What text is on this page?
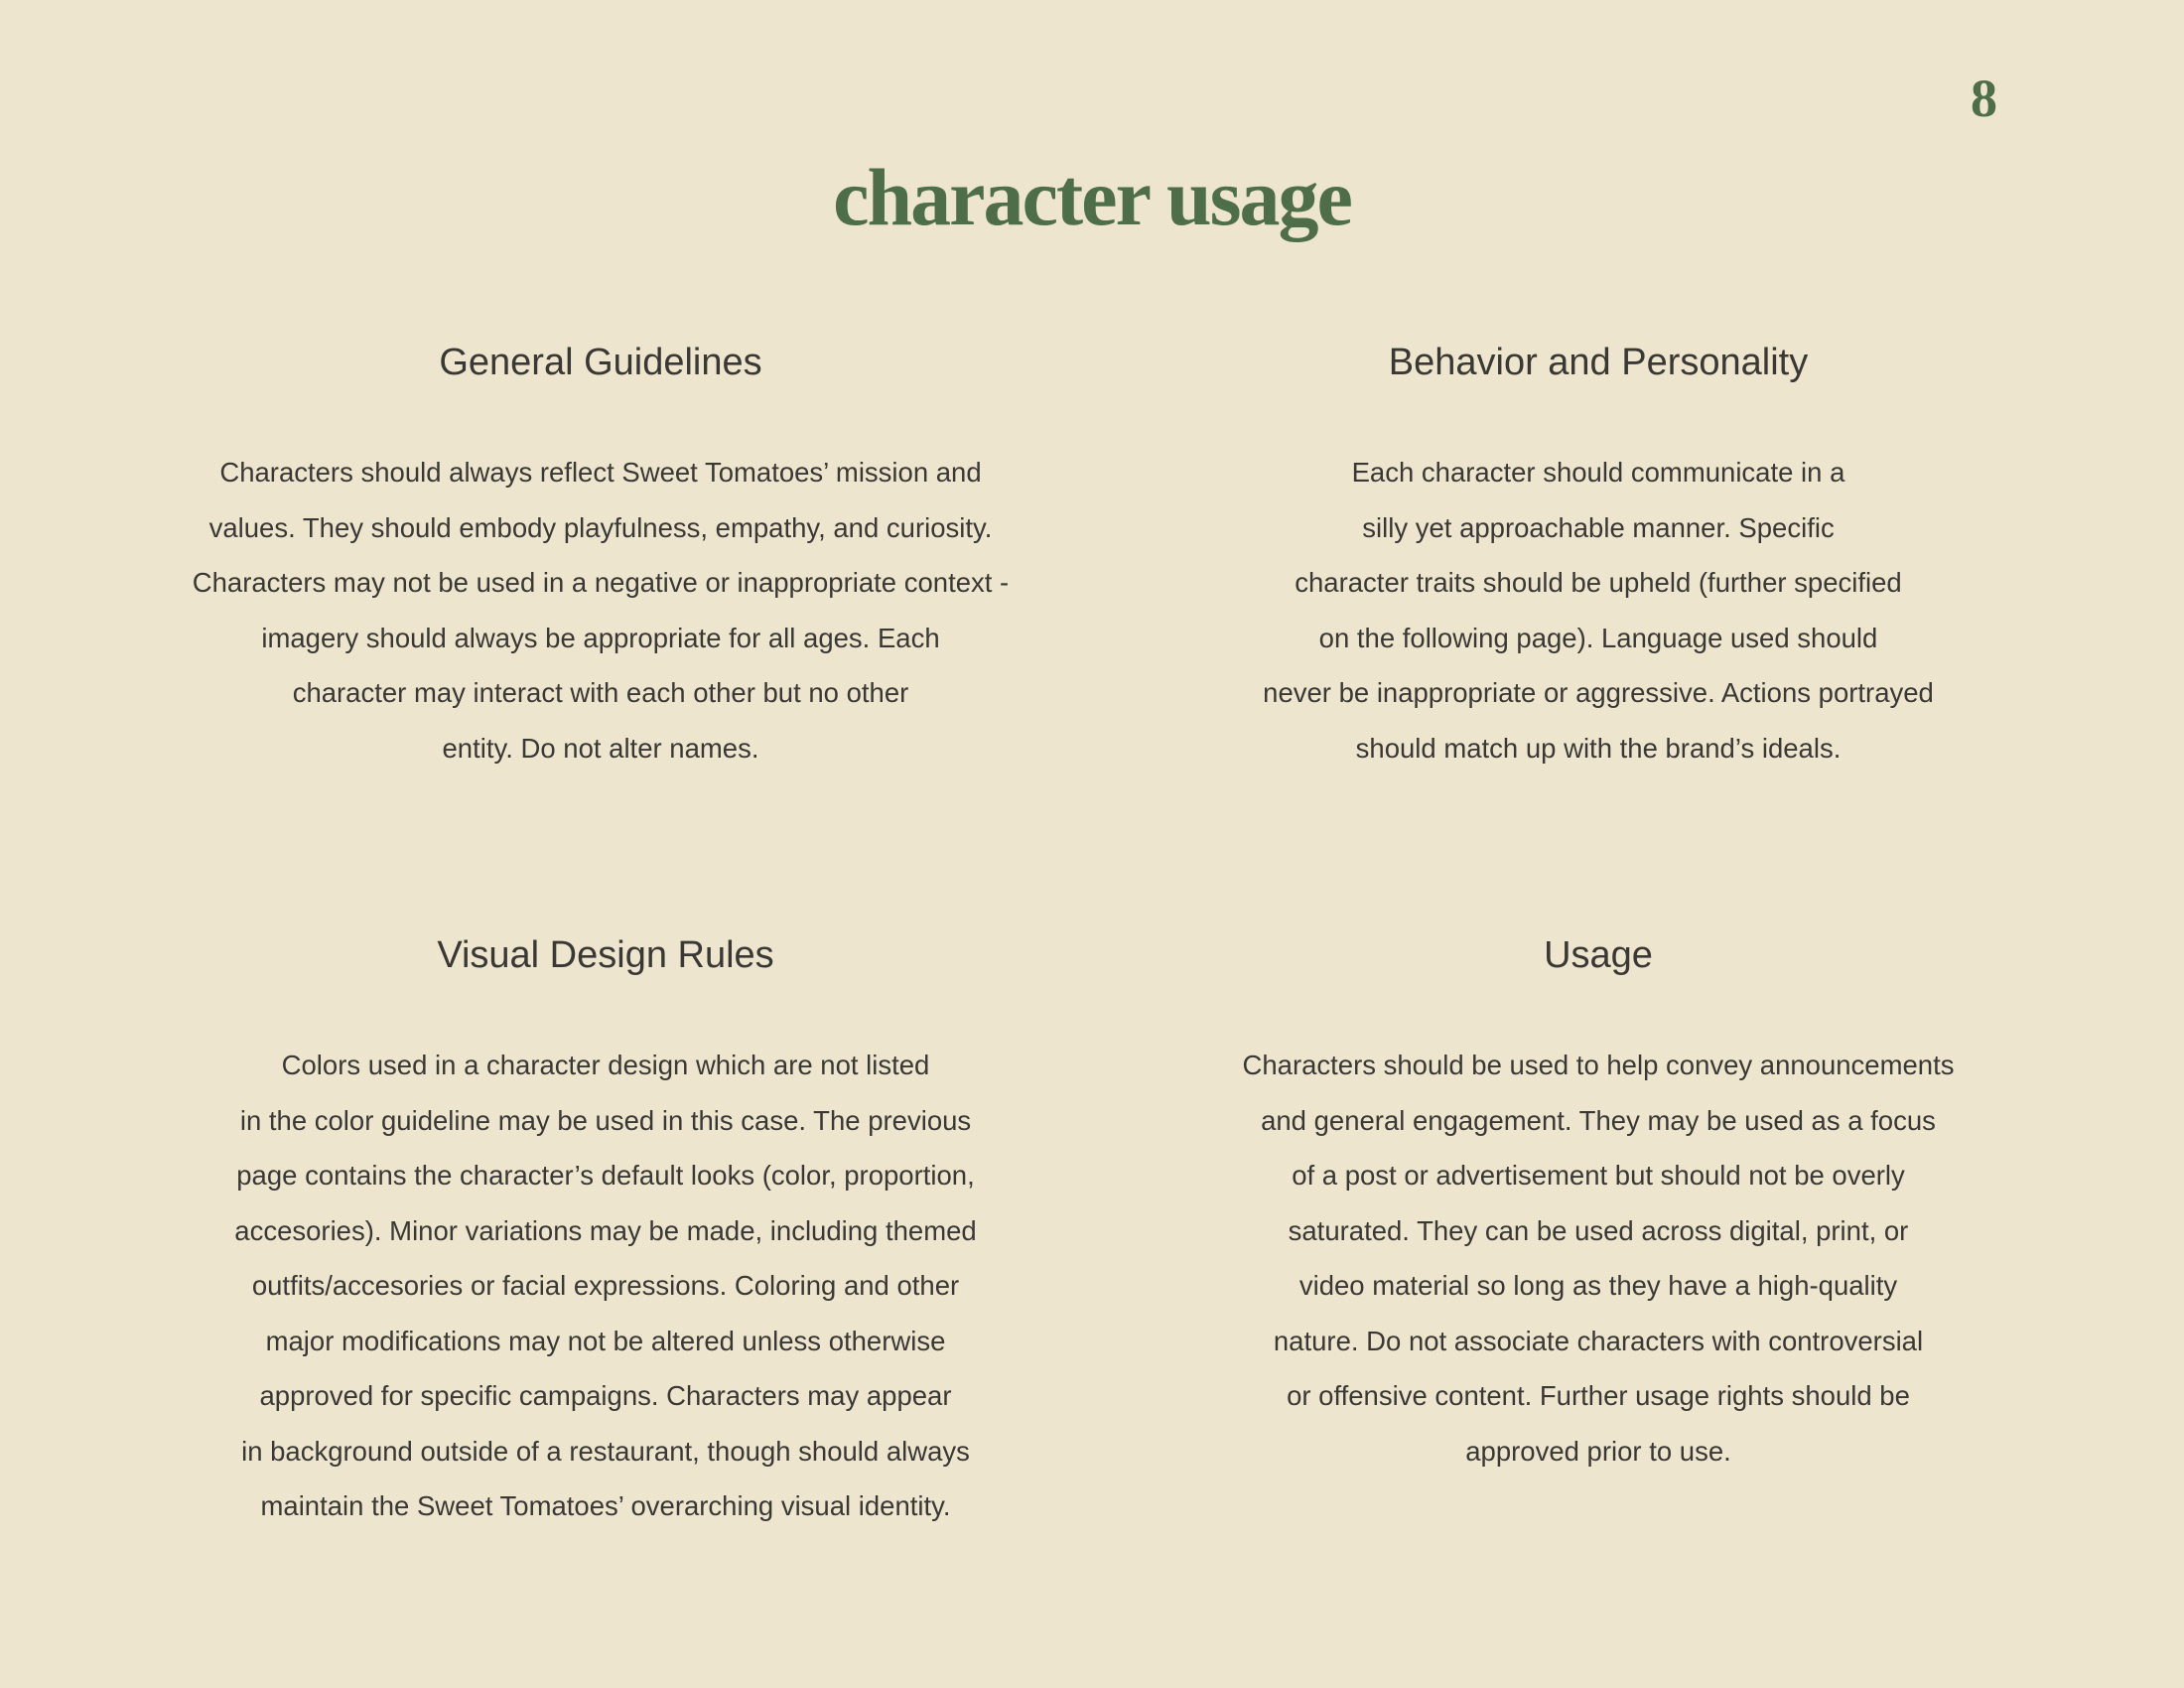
8
character usage
General Guidelines
Characters should always reflect Sweet Tomatoes’ mission and
values. They should embody playfulness, empathy, and curiosity.
Characters may not be used in a negative or inappropriate context -
imagery should always be appropriate for all ages. Each
character may interact with each other but no other
entity. Do not alter names.
Behavior and Personality
Each character should communicate in a
silly yet approachable manner. Specific
character traits should be upheld (further specified
on the following page). Language used should
never be inappropriate or aggressive. Actions portrayed
should match up with the brand’s ideals.
Visual Design Rules
Colors used in a character design which are not listed
in the color guideline may be used in this case. The previous
page contains the character’s default looks (color, proportion,
accesories). Minor variations may be made, including themed
outfits/accesories or facial expressions. Coloring and other
major modifications may not be altered unless otherwise
approved for specific campaigns. Characters may appear
in background outside of a restaurant, though should always
maintain the Sweet Tomatoes’ overarching visual identity.
Usage
Characters should be used to help convey announcements
and general engagement. They may be used as a focus
of a post or advertisement but should not be overly
saturated. They can be used across digital, print, or
video material so long as they have a high-quality
nature. Do not associate characters with controversial
or offensive content. Further usage rights should be
approved prior to use.
